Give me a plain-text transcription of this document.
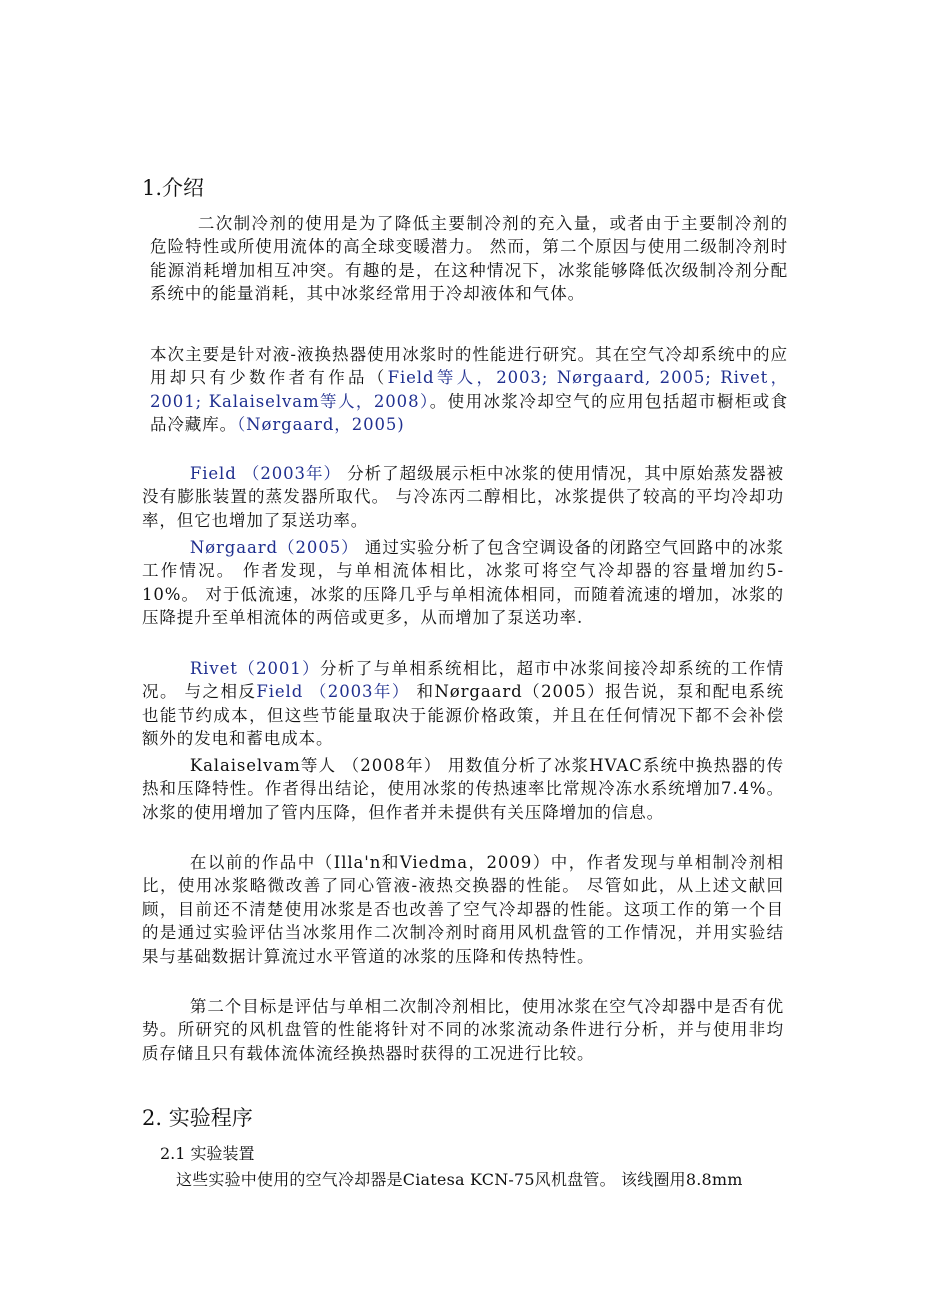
1.介绍
二次制冷剂的使用是为了降低主要制冷剂的充入量，或者由于主要制冷剂的危险特性或所使用流体的高全球变暖潜力。 然而，第二个原因与使用二级制冷剂时能源消耗增加相互冲突。有趣的是，在这种情况下，冰浆能够降低次级制冷剂分配系统中的能量消耗，其中冰浆经常用于冷却液体和气体。
本次主要是针对液-液换热器使用冰浆时的性能进行研究。其在空气冷却系统中的应用却只有少数作者有作品（Field等人，2003; Nørgaard, 2005; Rivet，2001; Kalaiselvam等人，2008）。使用冰浆冷却空气的应用包括超市橱柜或食品冷藏库。（Nørgaard，2005)
Field （2003年） 分析了超级展示柜中冰浆的使用情况，其中原始蒸发器被没有膨胀装置的蒸发器所取代。 与冷冻丙二醇相比，冰浆提供了较高的平均冷却功率，但它也增加了泵送功率。
Nørgaard（2005） 通过实验分析了包含空调设备的闭路空气回路中的冰浆工作情况。 作者发现，与单相流体相比，冰浆可将空气冷却器的容量增加约5-10%。 对于低流速，冰浆的压降几乎与单相流体相同，而随着流速的增加，冰浆的压降提升至单相流体的两倍或更多，从而增加了泵送功率.
Rivet（2001）分析了与单相系统相比，超市中冰浆间接冷却系统的工作情况。 与之相反Field （2003年） 和Nørgaard（2005）报告说，泵和配电系统也能节约成本，但这些节能量取决于能源价格政策，并且在任何情况下都不会补偿额外的发电和蓄电成本。
Kalaiselvam等人 （2008年） 用数值分析了冰浆HVAC系统中换热器的传热和压降特性。作者得出结论，使用冰浆的传热速率比常规冷冻水系统增加7.4%。冰浆的使用增加了管内压降，但作者并未提供有关压降增加的信息。
在以前的作品中（Illa'n和Viedma，2009）中，作者发现与单相制冷剂相比，使用冰浆略微改善了同心管液-液热交换器的性能。 尽管如此，从上述文献回顾，目前还不清楚使用冰浆是否也改善了空气冷却器的性能。这项工作的第一个目的是通过实验评估当冰浆用作二次制冷剂时商用风机盘管的工作情况，并用实验结果与基础数据计算流过水平管道的冰浆的压降和传热特性。
第二个目标是评估与单相二次制冷剂相比，使用冰浆在空气冷却器中是否有优势。所研究的风机盘管的性能将针对不同的冰浆流动条件进行分析，并与使用非均质存储且只有载体流体流经换热器时获得的工况进行比较。
2. 实验程序
2.1 实验装置
这些实验中使用的空气冷却器是Ciatesa KCN-75风机盘管。 该线圈用8.8mm
